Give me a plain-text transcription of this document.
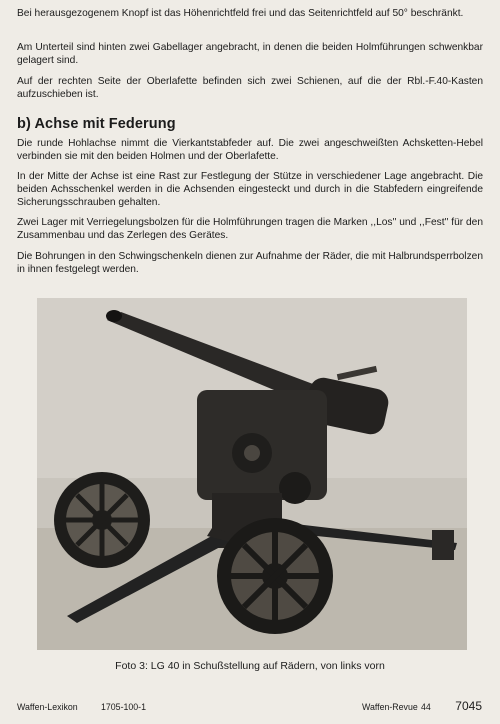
Bei herausgezogenem Knopf ist das Höhenrichtfeld frei und das Seitenrichtfeld auf 50° beschränkt.

Am Unterteil sind hinten zwei Gabellager angebracht, in denen die beiden Holmführungen schwenkbar gelagert sind.

Auf der rechten Seite der Oberlafette befinden sich zwei Schienen, auf die der Rbl.-F.40-Kasten aufzuschieben ist.

b) Achse mit Federung

Die runde Hohlachse nimmt die Vierkantstabfeder auf. Die zwei angeschweißten Achsketten-Hebel verbinden sie mit den beiden Holmen und der Oberlafette.

In der Mitte der Achse ist eine Rast zur Festlegung der Stütze in verschiedener Lage angebracht. Die beiden Achsschenkel werden in die Achsenden eingesteckt und durch in die Stabfedern eingreifende Sicherungsschrauben gehalten.

Zwei Lager mit Verriegelungsbolzen für die Holmführungen tragen die Marken ,,Los'' und ,,Fest'' für den Zusammenbau und das Zerlegen des Gerätes.

Die Bohrungen in den Schwingschenkeln dienen zur Aufnahme der Räder, die mit Halbrundsperrbolzen in ihnen festgelegt werden.

Foto 3: LG 40 in Schußstellung auf Rädern, von links vorn
Waffen-Lexikon	1705-100-1	Waffen-Revue 44 7045
